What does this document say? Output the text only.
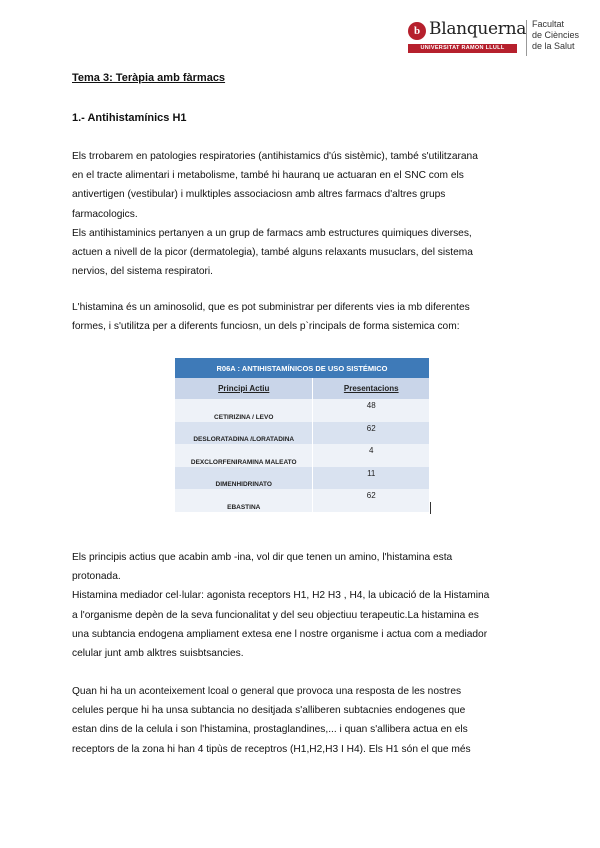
b Blanquerna
UNIVERSITAT RAMON LLULL
Facultat
de Ciències
de la Salut

Tema 3: Teràpia amb fàrmacs

1.- Antihistamínics H1

Els trrobarem en patologies respiratories (antihistamics d'ús sistèmic), també s'utilitzarana
en el tracte alimentari i metabolisme, també hi hauranq ue actuaran en el SNC com els
antivertigen (vestibular) i mulktiples associaciosn amb altres farmacs d'altres grups
farmacologics.
Els antihistaminics pertanyen a un grup de farmacs amb estructures quimiques diverses,
actuen a nivell de la picor (dermatolegia), també alguns relaxants musuclars, del sistema
nervios, del sistema respiratori.

L'histamina és un aminosolid, que es pot subministrar per diferents vies ia mb diferentes
formes, i s'utilitza per a diferents funciosn, un dels p`rincipals de forma sistemica com:

Els principis actius que acabin amb -ina, vol dir que tenen un amino, l'histamina esta
protonada.
Histamina mediador cel·lular: agonista receptors H1, H2 H3 , H4, la ubicació de la Histamina
a l'organisme depèn de la seva funcionalitat y del seu objectiuu terapeutic.La histamina es
una subtancia endogena ampliament extesa ene l nostre organisme i actua com a mediador
celular junt amb alktres suisbtsancies.

Quan hi ha un aconteixement lcoal o general que provoca una resposta de les nostres
celules perque hi ha unsa subtancia no desitjada s'alliberen subtacnies endogenes que
estan dins de la celula i son l'histamina, prostaglandines,... i quan s'allibera actua en els
receptors de la zona hi han 4 tipùs de receptros (H1,H2,H3 I H4). Els H1 són el que més

R06A : ANTIHISTAMÍNICOS DE USO SISTÉMICO	
Principi Actiu	Presentacions
CETIRIZINA / LEVO	48
DESLORATADINA /LORATADINA	62
DEXCLORFENIRAMINA MALEATO	4
DIMENHIDRINATO	11
EBASTINA	62
